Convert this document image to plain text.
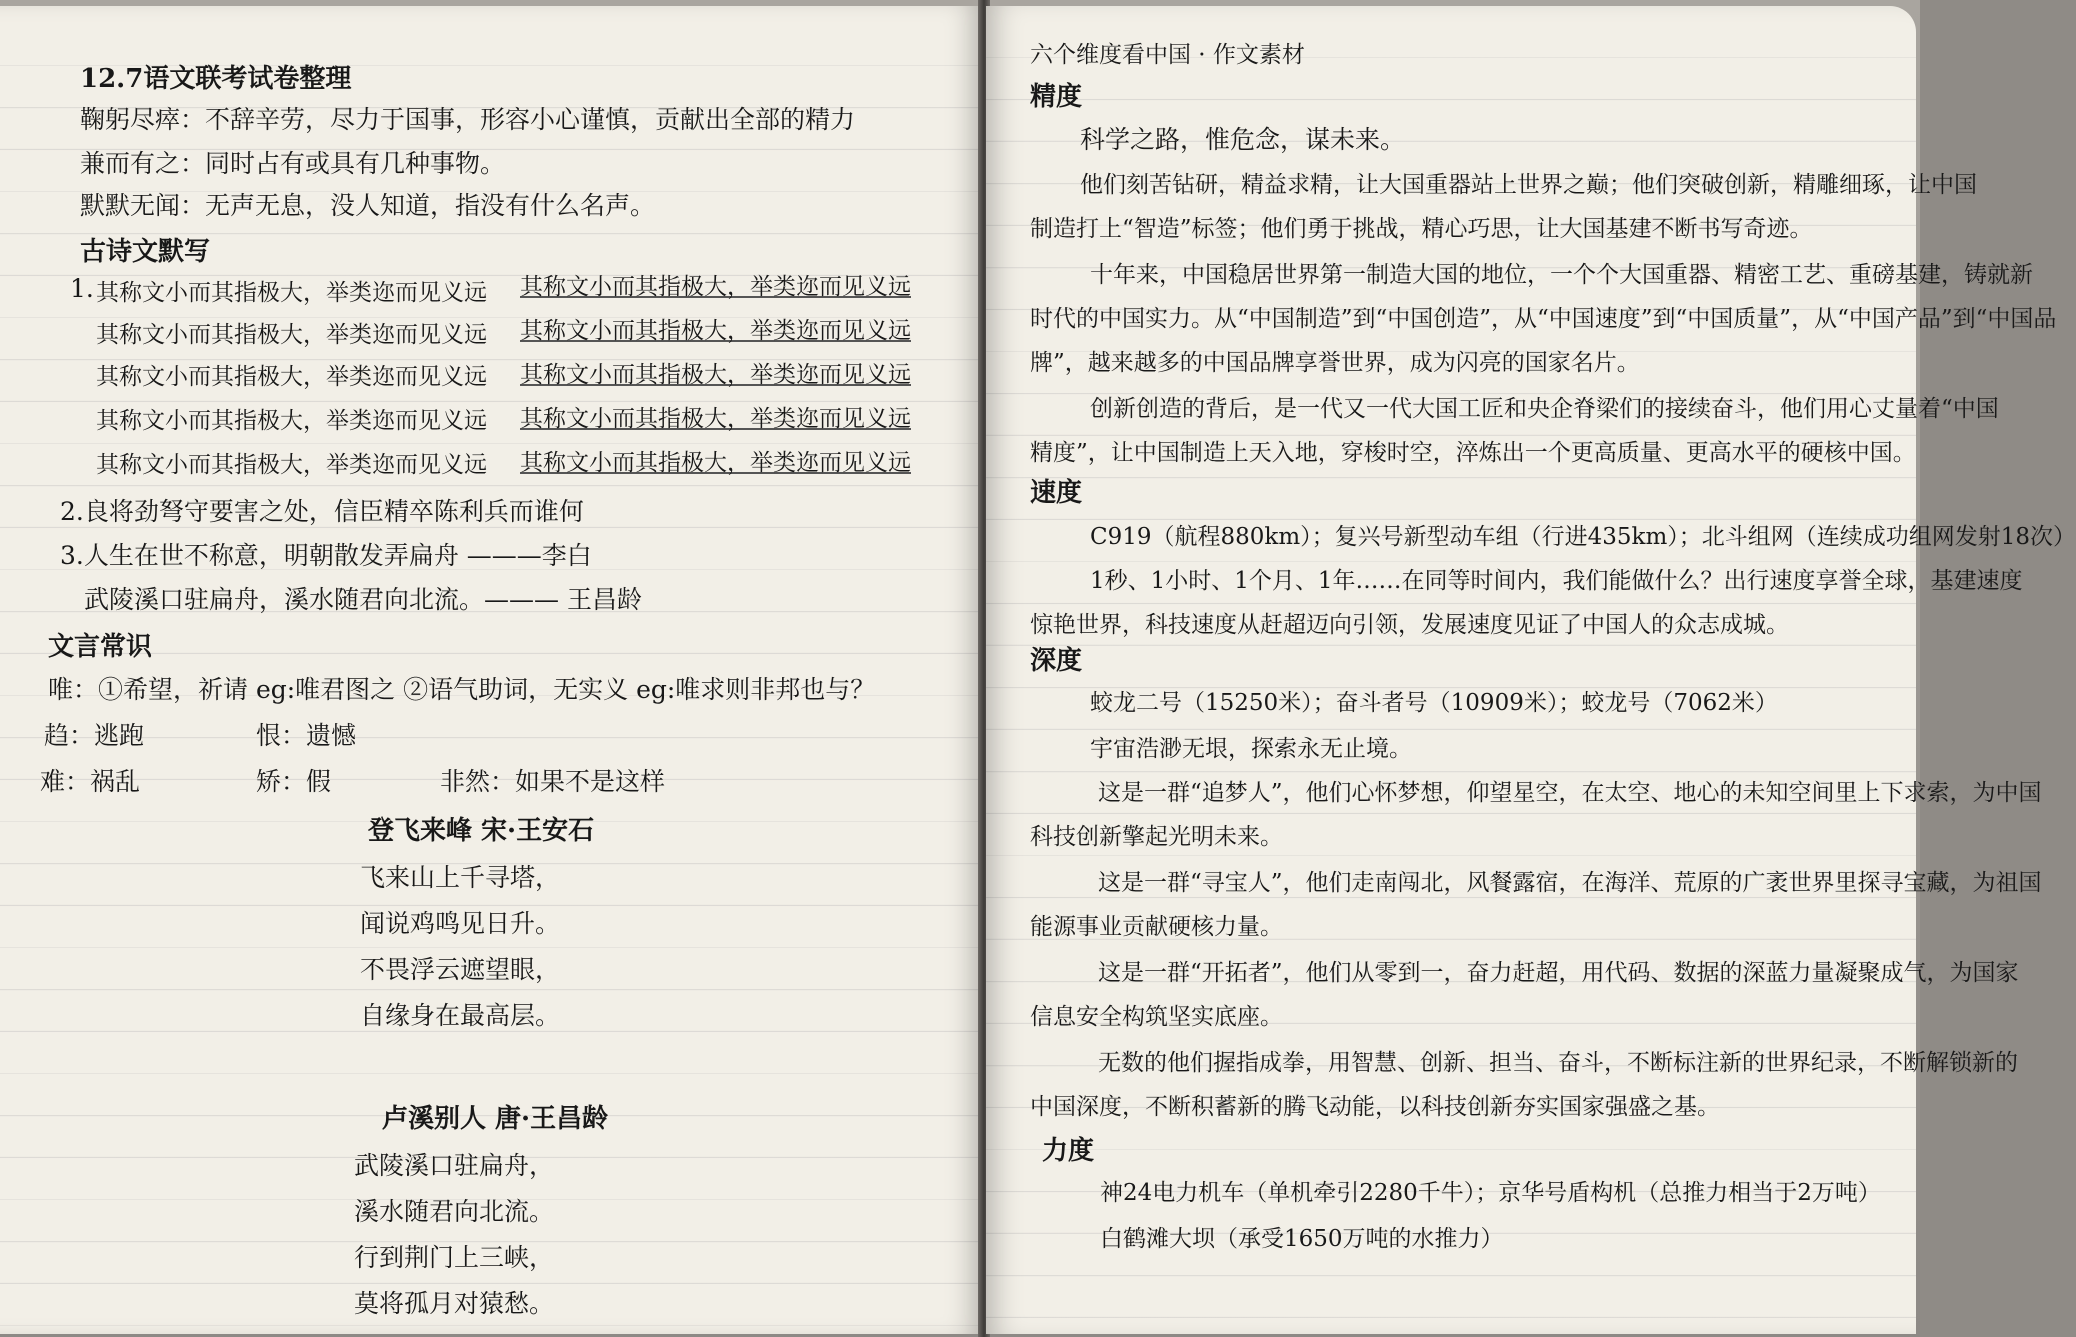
12.7语文联考试卷整理
鞠躬尽瘁：不辞辛劳，尽力于国事，形容小心谨慎，贡献出全部的精力
兼而有之：同时占有或具有几种事物。
默默无闻：无声无息，没人知道，指没有什么名声。
古诗文默写
1. 其称文小而其指极大，举类迩而见义远 其称文小而其指极大，举类迩而见义远
其称文小而其指极大，举类迩而见义远 其称文小而其指极大，举类迩而见义远
其称文小而其指极大，举类迩而见义远 其称文小而其指极大，举类迩而见义远
其称文小而其指极大，举类迩而见义远 其称文小而其指极大，举类迩而见义远
其称文小而其指极大，举类迩而见义远 其称文小而其指极大，举类迩而见义远
2.良将劲弩守要害之处，信臣精卒陈利兵而谁何
3.人生在世不称意，明朝散发弄扁舟 ———李白
武陵溪口驻扁舟，溪水随君向北流。——— 王昌龄
文言常识
唯：①希望，祈请 eg:唯君图之 ②语气助词，无实义 eg:唯求则非邦也与？
趋：逃跑	恨：遗憾
难：祸乱	矫：假	非然：如果不是这样
登飞来峰 宋·王安石
飞来山上千寻塔，
闻说鸡鸣见日升。
不畏浮云遮望眼，
自缘身在最高层。
卢溪别人 唐·王昌龄
武陵溪口驻扁舟，
溪水随君向北流。
行到荆门上三峡，
莫将孤月对猿愁。
六个维度看中国 · 作文素材
精度
科学之路，惟危念，谋未来。
他们刻苦钻研，精益求精，让大国重器站上世界之巅；他们突破创新，精雕细琢，让中国
制造打上“智造”标签；他们勇于挑战，精心巧思，让大国基建不断书写奇迹。
十年来，中国稳居世界第一制造大国的地位，一个个大国重器、精密工艺、重磅基建，铸就新
时代的中国实力。从“中国制造”到“中国创造”，从“中国速度”到“中国质量”，从“中国产品”到“中国品
牌”，越来越多的中国品牌享誉世界，成为闪亮的国家名片。
创新创造的背后，是一代又一代大国工匠和央企脊梁们的接续奋斗，他们用心丈量着“中国
精度”，让中国制造上天入地，穿梭时空，淬炼出一个更高质量、更高水平的硬核中国。
速度
C919（航程880km）；复兴号新型动车组（行进435km）；北斗组网（连续成功组网发射18次）
1秒、1小时、1个月、1年……在同等时间内，我们能做什么？出行速度享誉全球，基建速度
惊艳世界，科技速度从赶超迈向引领，发展速度见证了中国人的众志成城。
深度
蛟龙二号（15250米）；奋斗者号（10909米）；蛟龙号（7062米）
宇宙浩渺无垠，探索永无止境。
这是一群“追梦人”，他们心怀梦想，仰望星空，在太空、地心的未知空间里上下求索，为中国
科技创新擎起光明未来。
这是一群“寻宝人”，他们走南闯北，风餐露宿，在海洋、荒原的广袤世界里探寻宝藏，为祖国
能源事业贡献硬核力量。
这是一群“开拓者”，他们从零到一，奋力赶超，用代码、数据的深蓝力量凝聚成气，为国家
信息安全构筑坚实底座。
无数的他们握指成拳，用智慧、创新、担当、奋斗，不断标注新的世界纪录，不断解锁新的
中国深度，不断积蓄新的腾飞动能，以科技创新夯实国家强盛之基。
力度
神24电力机车（单机牵引2280千牛）；京华号盾构机（总推力相当于2万吨）
白鹤滩大坝（承受1650万吨的水推力）
